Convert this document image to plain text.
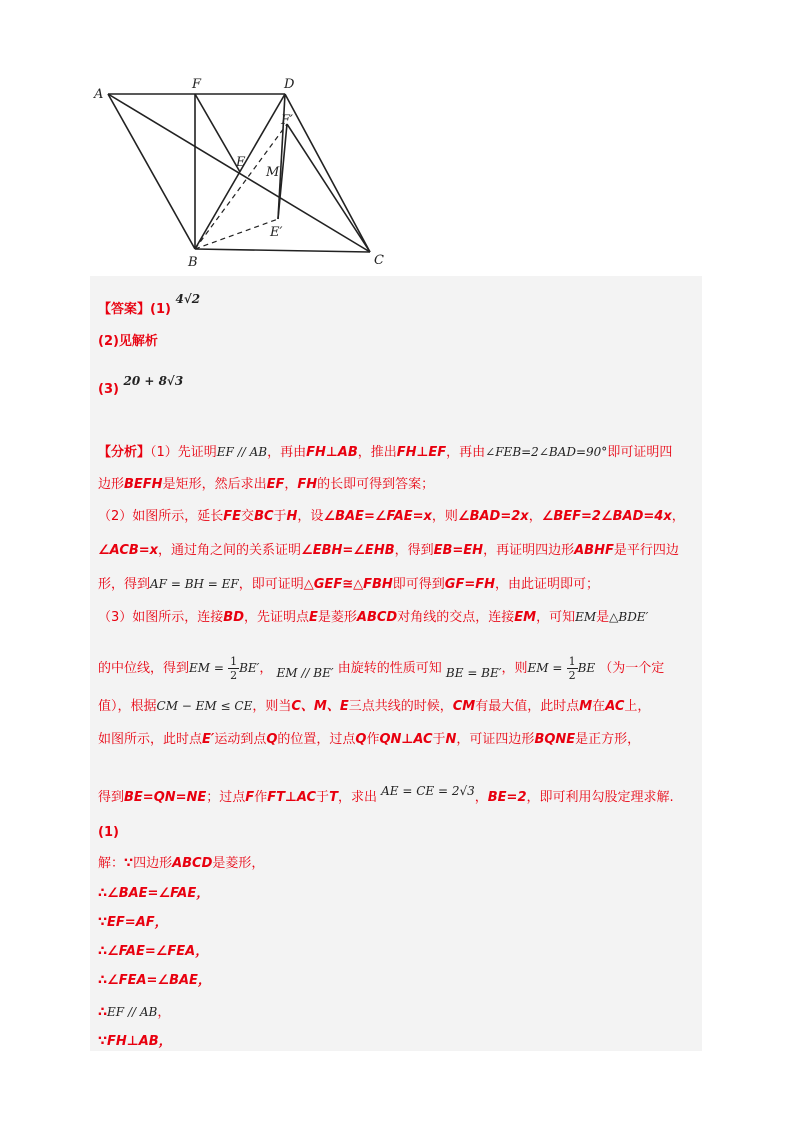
A
F	D
F′
E
M
E′
B	C
【答案】(1) 4√2
(2)见解析
(3) 20 + 8√3
【分析】（1）先证明EF // AB，再由FH⊥AB，推出FH⊥EF，再由∠FEB=2∠BAD=90°即可证明四
边形BEFH是矩形，然后求出EF，FH的长即可得到答案；
（2）如图所示，延长FE交BC于H，设∠BAE=∠FAE=x，则∠BAD=2x，∠BEF=2∠BAD=4x，
∠ACB=x，通过角之间的关系证明∠EBH=∠EHB，得到EB=EH，再证明四边形ABHF是平行四边
形，得到AF = BH = EF，即可证明△GEF≅△FBH即可得到GF=FH，由此证明即可；
（3）如图所示，连接BD，先证明点E是菱形ABCD对角线的交点，连接EM，可知EM是△BDE′
的中位线，得到EM = $\frac{1}{2} BE'$， EM // BE′ 由旋转的性质可知 BE = BE′，则EM = $\frac{1}{2}$ BE （为一个定
值），根据CM − EM ≤ CE，则当C、M、E三点共线的时候，CM有最大值，此时点M在AC上，
如图所示，此时点E′运动到点Q的位置，过点Q作QN⊥AC于N，可证四边形BQNE是正方形，
得到BE=QN=NE；过点F作FT⊥AC于T，求出 AE = CE = 2√3，BE=2，即可利用勾股定理求解.
(1)
解：∵四边形ABCD是菱形，
∴∠BAE=∠FAE，
∵EF=AF，
∴∠FAE=∠FEA，
∴∠FEA=∠BAE，
∴EF // AB，
∵FH⊥AB，
